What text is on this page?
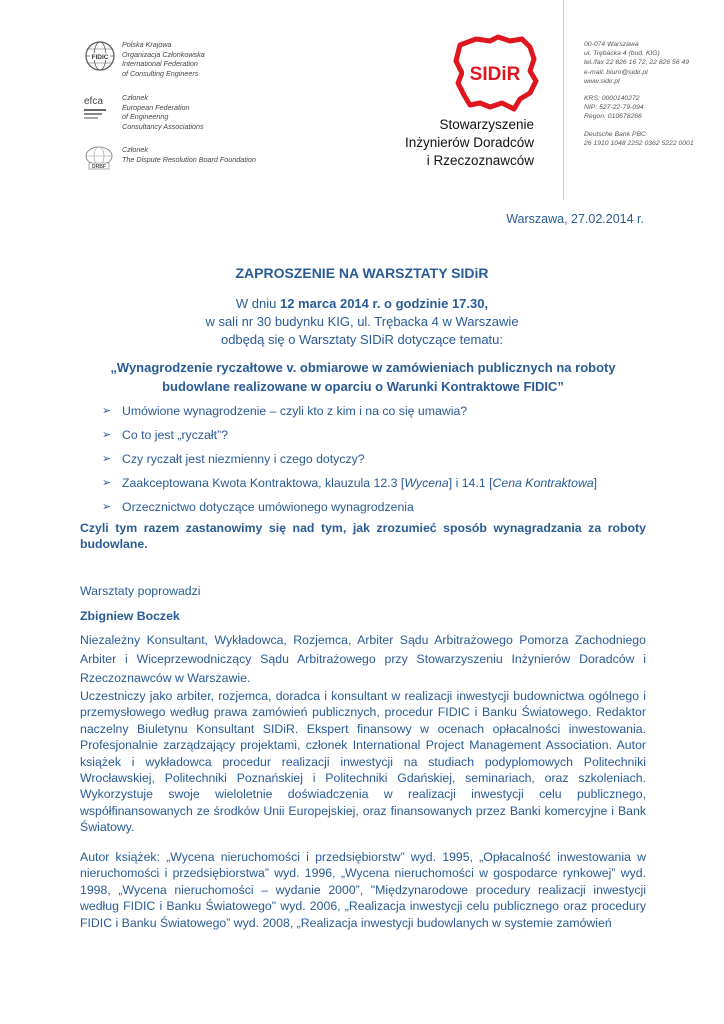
FIDIC
Polska Krajowa
Organizacja Członkowska
International Federation
of Consulting Engineers
efca	Członek
European Federation
of Engineering
Consultancy Associations
DRBF
Członek
The Dispute Resolution Board Foundation
SIDiR
Stowarzyszenie
Inżynierów Doradców
i Rzeczoznawców
00-074 Warszawa
ul. Trębacka 4 (bud. KIG)
tel./fax 22 826 16 72, 22 826 56 49
e-mail: biuro@sidir.pl
www.sidir.pl
KRS: 0000140272
NIP: 527-22-79-094
Regon: 010678266
Deutsche Bank PBC
26 1910 1048 2252 0362 5222 0001
Warszawa, 27.02.2014 r.
ZAPROSZENIE NA WARSZTATY SIDiR
W dniu 12 marca 2014 r. o godzinie 17.30,
w sali nr 30 budynku KIG, ul. Trębacka 4 w Warszawie
odbędą się o Warsztaty SIDiR dotyczące tematu:
„Wynagrodzenie ryczałtowe v. obmiarowe w zamówieniach publicznych na roboty budowlane realizowane w oparciu o Warunki Kontraktowe FIDIC”
➢ Umówione wynagrodzenie – czyli kto z kim i na co się umawia?
➢ Co to jest „ryczałt”?
➢ Czy ryczałt jest niezmienny i czego dotyczy?
➢ Zaakceptowana Kwota Kontraktowa, klauzula 12.3 [Wycena] i 14.1 [Cena Kontraktowa]
➢ Orzecznictwo dotyczące umówionego wynagrodzenia
Czyli tym razem zastanowimy się nad tym, jak zrozumieć sposób wynagradzania za roboty budowlane.
Warsztaty poprowadzi
Zbigniew Boczek
Niezależny Konsultant, Wykładowca, Rozjemca, Arbiter Sądu Arbitrażowego Pomorza Zachodniego Arbiter i Wiceprzewodniczący Sądu Arbitrażowego przy Stowarzyszeniu Inżynierów Doradców i Rzeczoznawców w Warszawie.
Uczestniczy jako arbiter, rozjemca, doradca i konsultant w realizacji inwestycji budownictwa ogólnego i przemysłowego według prawa zamówień publicznych, procedur FIDIC i Banku Światowego. Redaktor naczelny Biuletynu Konsultant SIDiR. Ekspert finansowy w ocenach opłacalności inwestowania. Profesjonalnie zarządzający projektami, członek International Project Management Association. Autor książek i wykładowca procedur realizacji inwestycji na studiach podyplomowych Politechniki Wrocławskiej, Politechniki Poznańskiej i Politechniki Gdańskiej, seminariach, oraz szkoleniach. Wykorzystuje swoje wieloletnie doświadczenia w realizacji inwestycji celu publicznego, współfinansowanych ze środków Unii Europejskiej, oraz finansowanych przez Banki komercyjne i Bank Światowy.
Autor książek: „Wycena nieruchomości i przedsiębiorstw” wyd. 1995, „Opłacalność inwestowania w nieruchomości i przedsiębiorstwa” wyd. 1996, „Wycena nieruchomości w gospodarce rynkowej” wyd. 1998, „Wycena nieruchomości – wydanie 2000”, "Międzynarodowe procedury realizacji inwestycji według FIDIC i Banku Światowego" wyd. 2006, „Realizacja inwestycji celu publicznego oraz procedury FIDIC i Banku Światowego” wyd. 2008, „Realizacja inwestycji budowlanych w systemie zamówień
